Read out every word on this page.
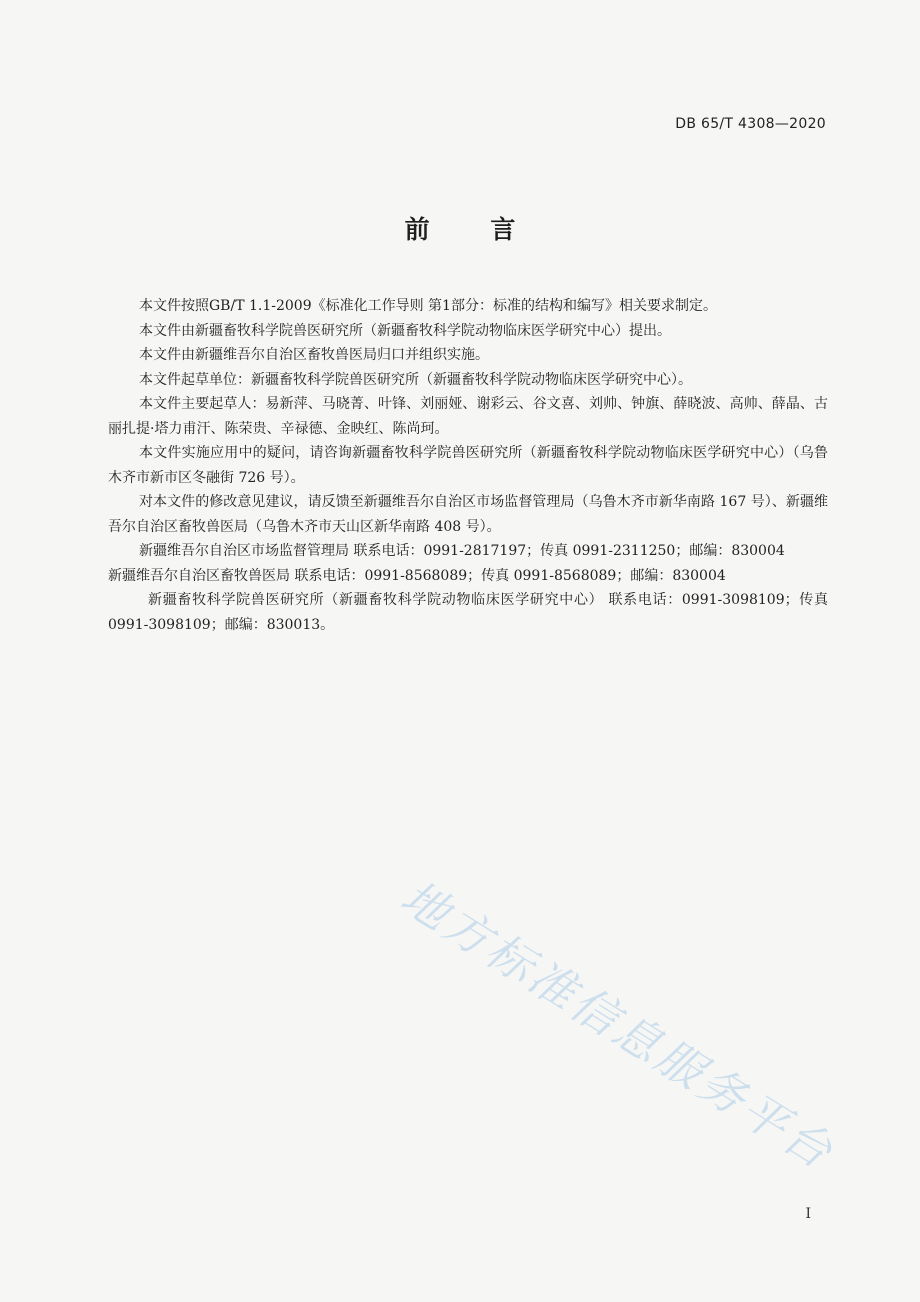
DB 65/T 4308—2020
前 言

本文件按照GB/T 1.1-2009《标准化工作导则 第1部分：标准的结构和编写》相关要求制定。

本文件由新疆畜牧科学院兽医研究所（新疆畜牧科学院动物临床医学研究中心）提出。

本文件由新疆维吾尔自治区畜牧兽医局归口并组织实施。

本文件起草单位：新疆畜牧科学院兽医研究所（新疆畜牧科学院动物临床医学研究中心）。

本文件主要起草人：易新萍、马晓菁、叶锋、刘丽娅、谢彩云、谷文喜、刘帅、钟旗、薛晓波、高帅、薛晶、古丽扎提·塔力甫汗、陈荣贵、辛禄德、金映红、陈尚珂。

本文件实施应用中的疑问，请咨询新疆畜牧科学院兽医研究所（新疆畜牧科学院动物临床医学研究中心）（乌鲁木齐市新市区冬融街 726 号）。

对本文件的修改意见建议，请反馈至新疆维吾尔自治区市场监督管理局（乌鲁木齐市新华南路 167 号）、新疆维吾尔自治区畜牧兽医局（乌鲁木齐市天山区新华南路 408 号）。

新疆维吾尔自治区市场监督管理局 联系电话：0991-2817197；传真 0991-2311250；邮编：830004

新疆维吾尔自治区畜牧兽医局 联系电话：0991-8568089；传真 0991-8568089；邮编：830004

新疆畜牧科学院兽医研究所（新疆畜牧科学院动物临床医学研究中心） 联系电话：0991-3098109；传真 0991-3098109；邮编：830013。

地方标准信息服务平台
I
